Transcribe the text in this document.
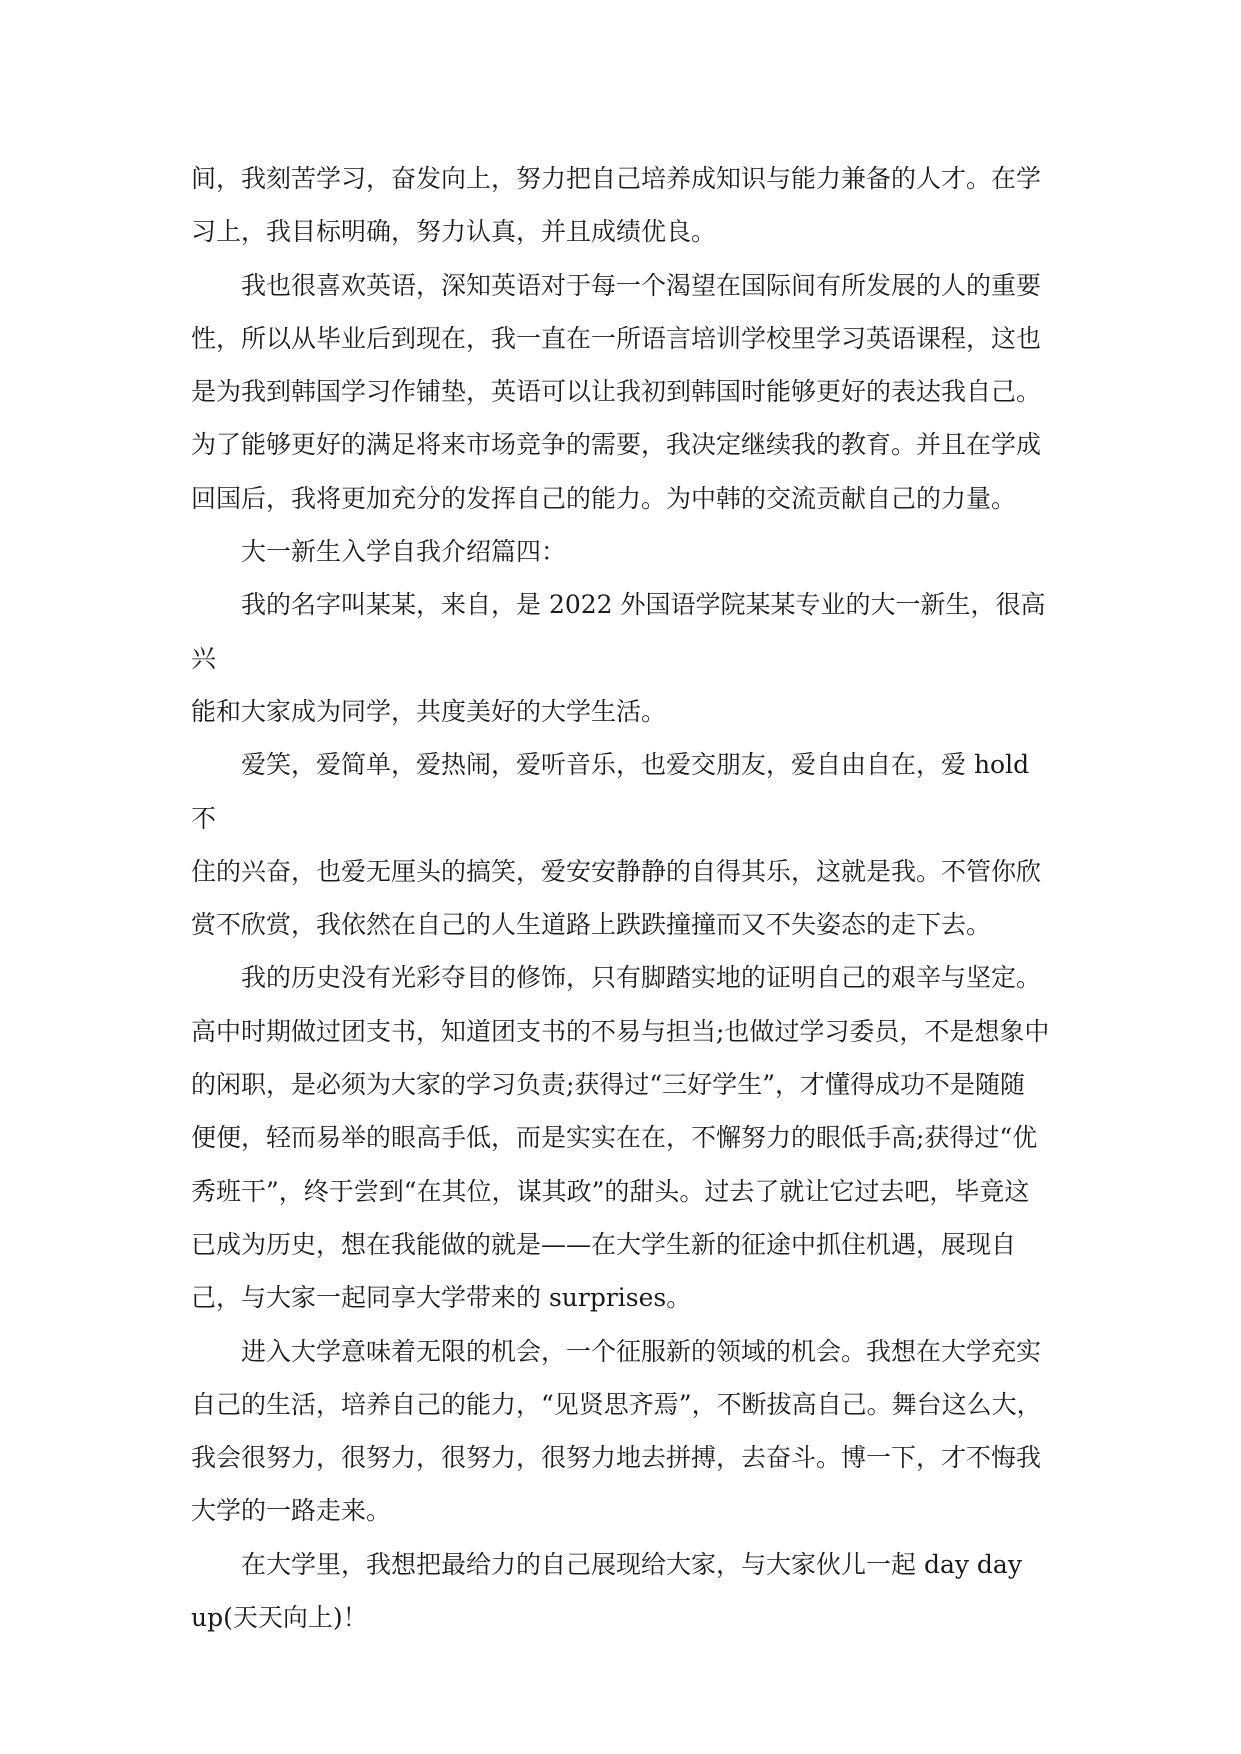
间，我刻苦学习，奋发向上，努力把自己培养成知识与能力兼备的人才。在学
习上，我目标明确，努力认真，并且成绩优良。

我也很喜欢英语，深知英语对于每一个渴望在国际间有所发展的人的重要
性，所以从毕业后到现在，我一直在一所语言培训学校里学习英语课程，这也
是为我到韩国学习作铺垫，英语可以让我初到韩国时能够更好的表达我自己。
为了能够更好的满足将来市场竞争的需要，我决定继续我的教育。并且在学成
回国后，我将更加充分的发挥自己的能力。为中韩的交流贡献自己的力量。

大一新生入学自我介绍篇四：

我的名字叫某某，来自，是 2022 外国语学院某某专业的大一新生，很高兴
能和大家成为同学，共度美好的大学生活。

爱笑，爱简单，爱热闹，爱听音乐，也爱交朋友，爱自由自在，爱 hold 不
住的兴奋，也爱无厘头的搞笑，爱安安静静的自得其乐，这就是我。不管你欣
赏不欣赏，我依然在自己的人生道路上跌跌撞撞而又不失姿态的走下去。

我的历史没有光彩夺目的修饰，只有脚踏实地的证明自己的艰辛与坚定。
高中时期做过团支书，知道团支书的不易与担当;也做过学习委员，不是想象中
的闲职，是必须为大家的学习负责;获得过“三好学生”，才懂得成功不是随随
便便，轻而易举的眼高手低，而是实实在在，不懈努力的眼低手高;获得过“优
秀班干”，终于尝到“在其位，谋其政”的甜头。过去了就让它过去吧，毕竟这
已成为历史，想在我能做的就是——在大学生新的征途中抓住机遇，展现自
己，与大家一起同享大学带来的 surprises。

进入大学意味着无限的机会，一个征服新的领域的机会。我想在大学充实
自己的生活，培养自己的能力，“见贤思齐焉”，不断拔高自己。舞台这么大，
我会很努力，很努力，很努力，很努力地去拼搏，去奋斗。博一下，才不悔我
大学的一路走来。

在大学里，我想把最给力的自己展现给大家，与大家伙儿一起 day day
up(天天向上)！
